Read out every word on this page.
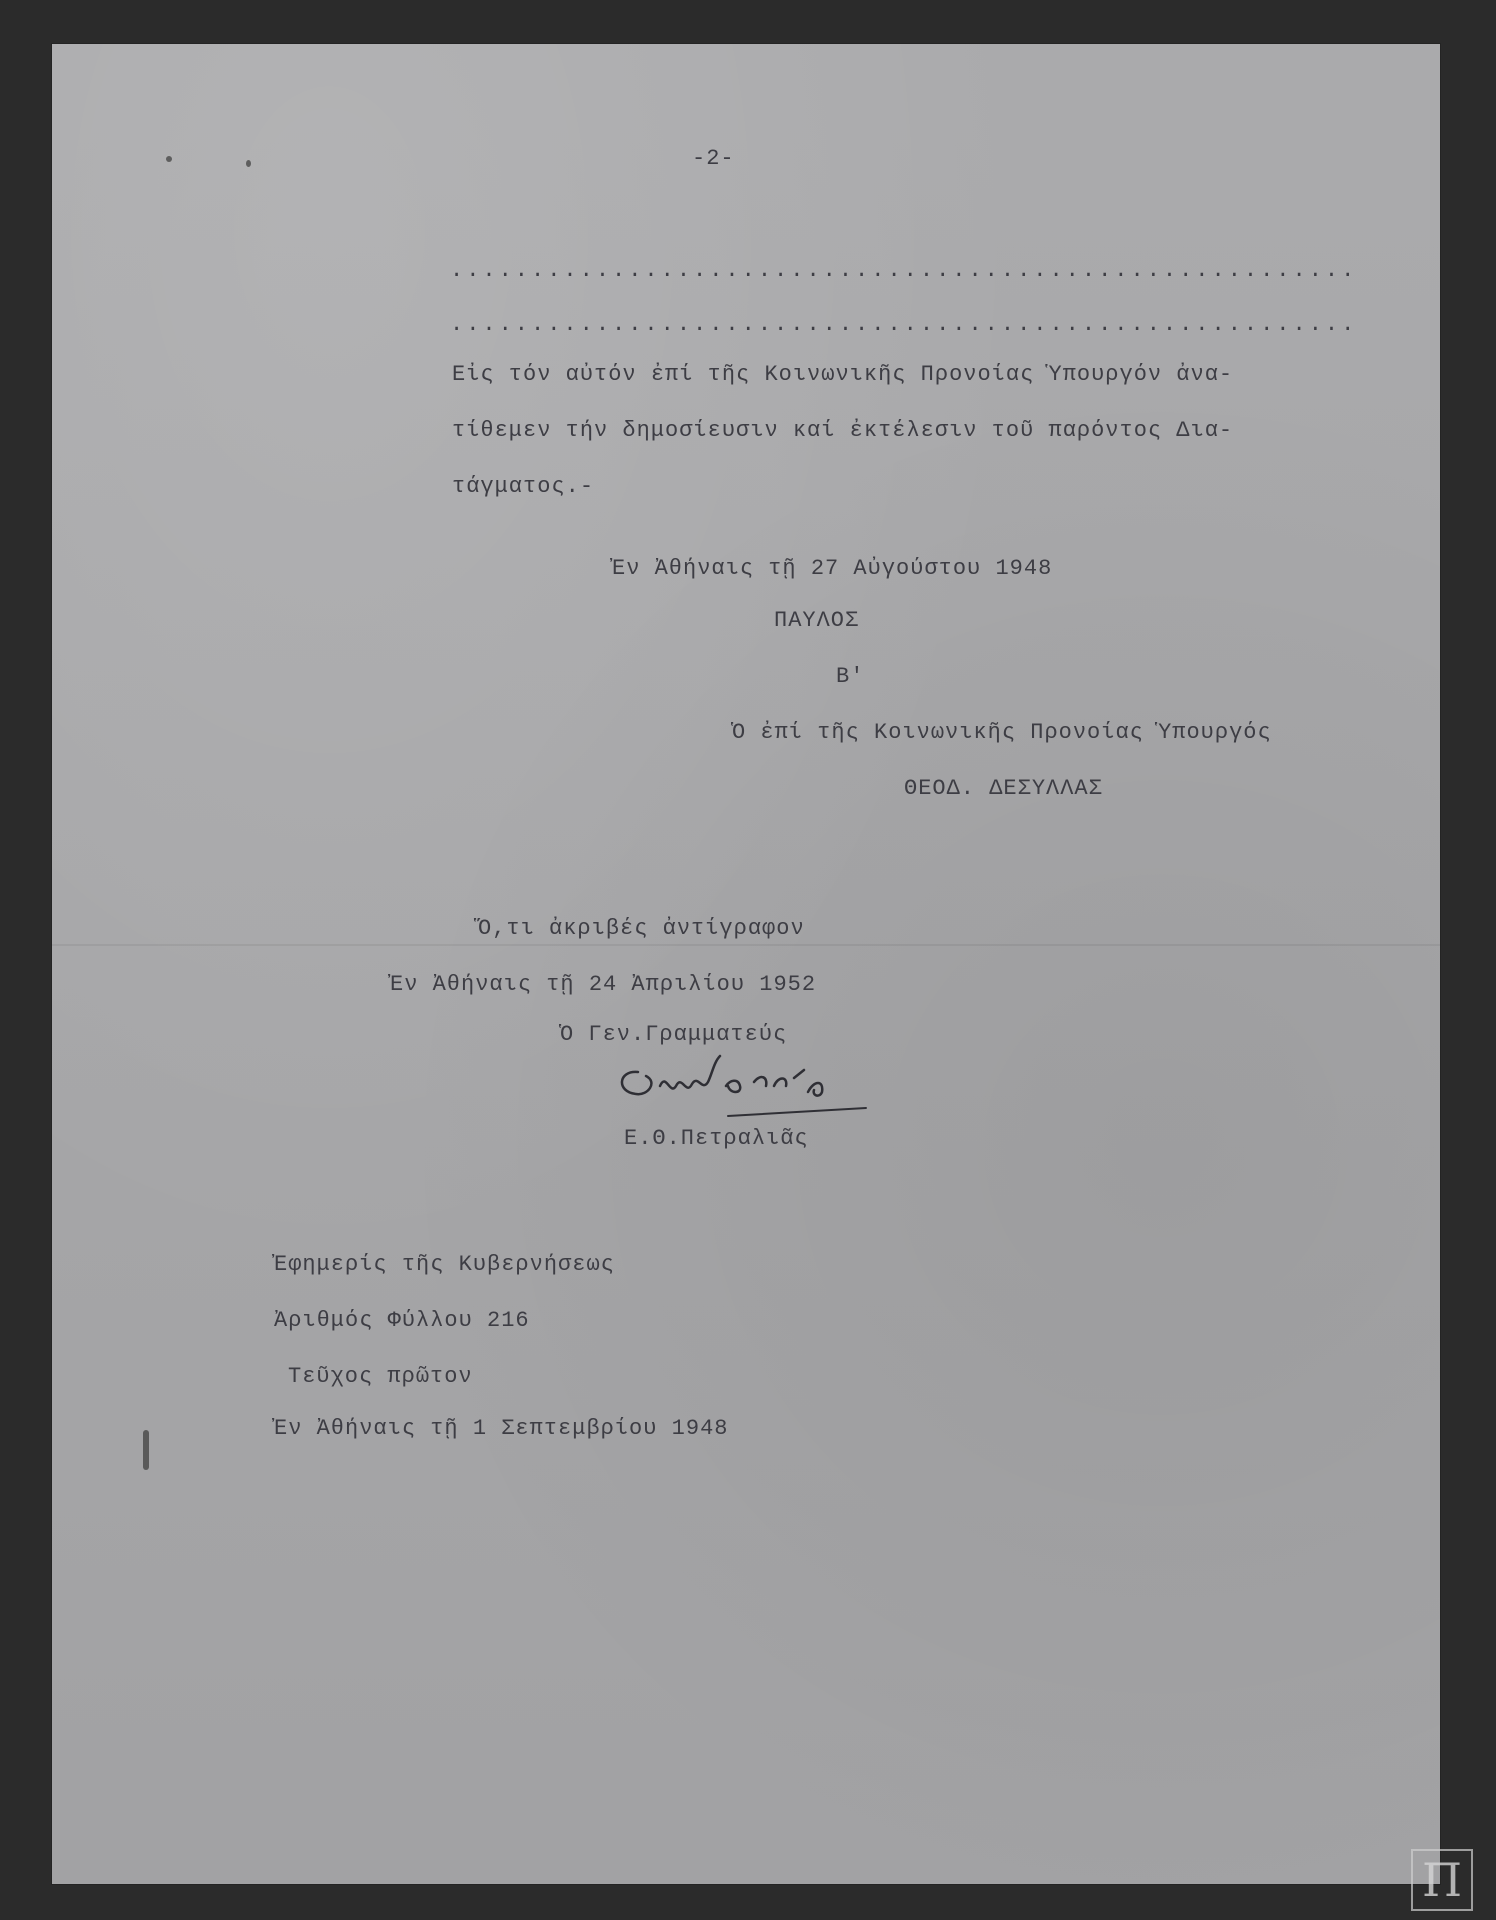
-2-

........................................................
........................................................

Εἰς τόν αὐτόν ἐπί τῆς Κοινωνικῆς Προνοίας Ὑπουργόν ἀνα-

τίθεμεν τήν δημοσίευσιν καί ἐκτέλεσιν τοῦ παρόντος Δια-

τάγματος.-

Ἐν Ἀθήναις τῇ 27 Αὐγούστου 1948

ΠΑΥΛΟΣ

Β'

Ὁ ἐπί τῆς Κοινωνικῆς Προνοίας Ὑπουργός

ΘΕΟΔ. ΔΕΣΥΛΛΑΣ

Ὅ,τι ἀκριβές ἀντίγραφον

Ἐν Ἀθήναις τῇ 24 Ἀπριλίου 1952

Ὁ Γεν.Γραμματεύς

Ε.Θ.Πετραλιᾶς

Ἐφημερίς τῆς Κυβερνήσεως

Ἀριθμός Φύλλου 216

Τεῦχος πρῶτον

Ἐν Ἀθήναις τῇ 1 Σεπτεμβρίου 1948

Π
